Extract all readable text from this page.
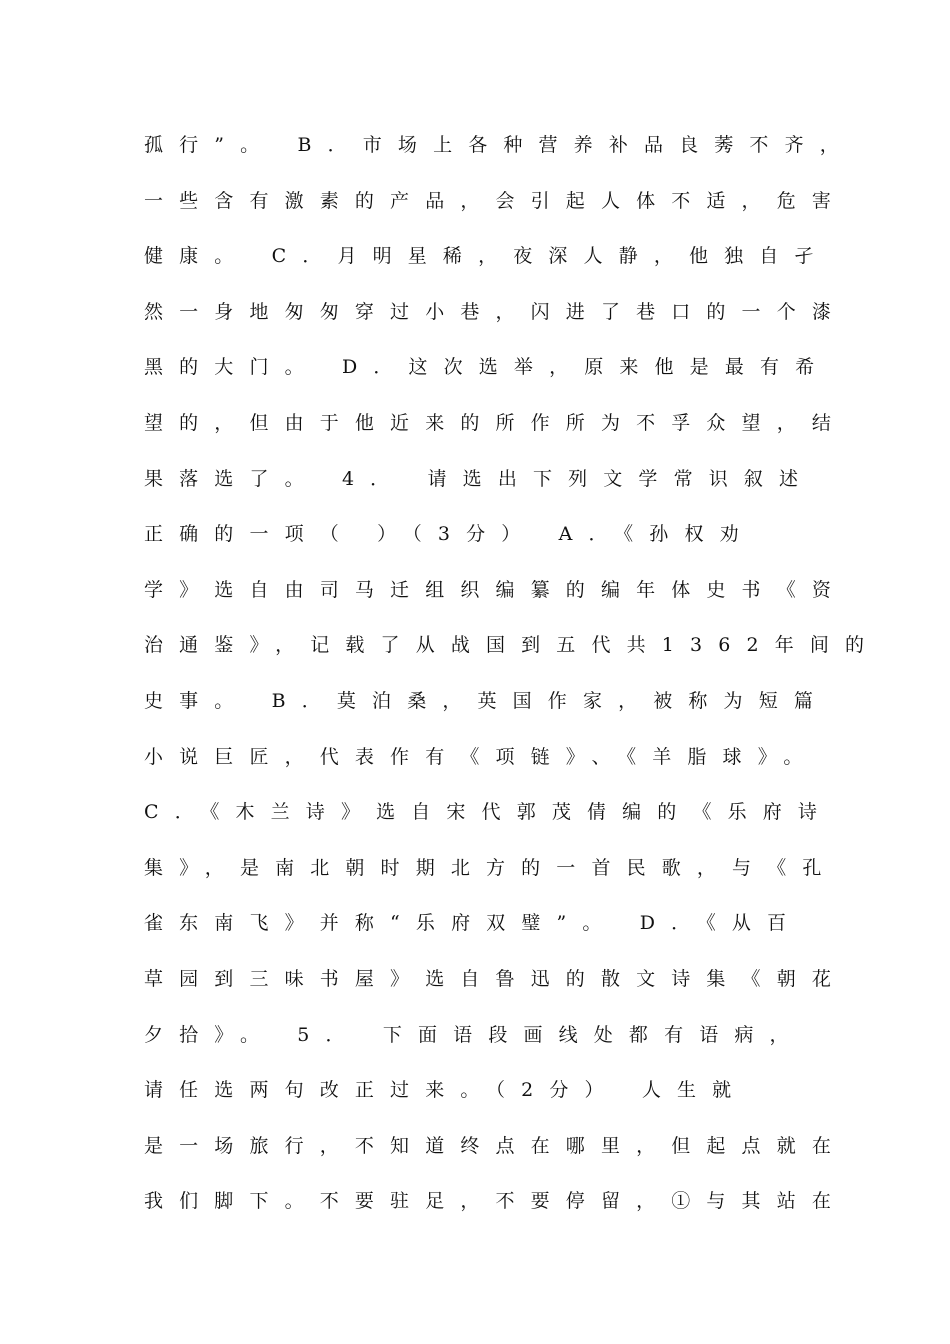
孤行”。 B．市场上各种营养补品良莠不齐，
一些含有激素的产品，会引起人体不适，危害
健康。 C．月明星稀，夜深人静，他独自孑
然一身地匆匆穿过小巷，闪进了巷口的一个漆
黑的大门。 D．这次选举，原来他是最有希
望的，但由于他近来的所作所为不孚众望，结
果落选了。 4． 请选出下列文学常识叙述
正确的一项（ ）（3分） A．《孙权劝
学》选自由司马迁组织编纂的编年体史书《资
治通鉴》，记载了从战国到五代共1362年间的
史事。 B．莫泊桑，英国作家，被称为短篇
小说巨匠，代表作有《项链》、《羊脂球》。
C．《木兰诗》选自宋代郭茂倩编的《乐府诗
集》，是南北朝时期北方的一首民歌，与《孔
雀东南飞》并称“乐府双璧”。 D．《从百
草园到三味书屋》选自鲁迅的散文诗集《朝花
夕拾》。 5． 下面语段画线处都有语病，
请任选两句改正过来。（2分） 人生就
是一场旅行，不知道终点在哪里，但起点就在
我们脚下。不要驻足，不要停留，①与其站在
